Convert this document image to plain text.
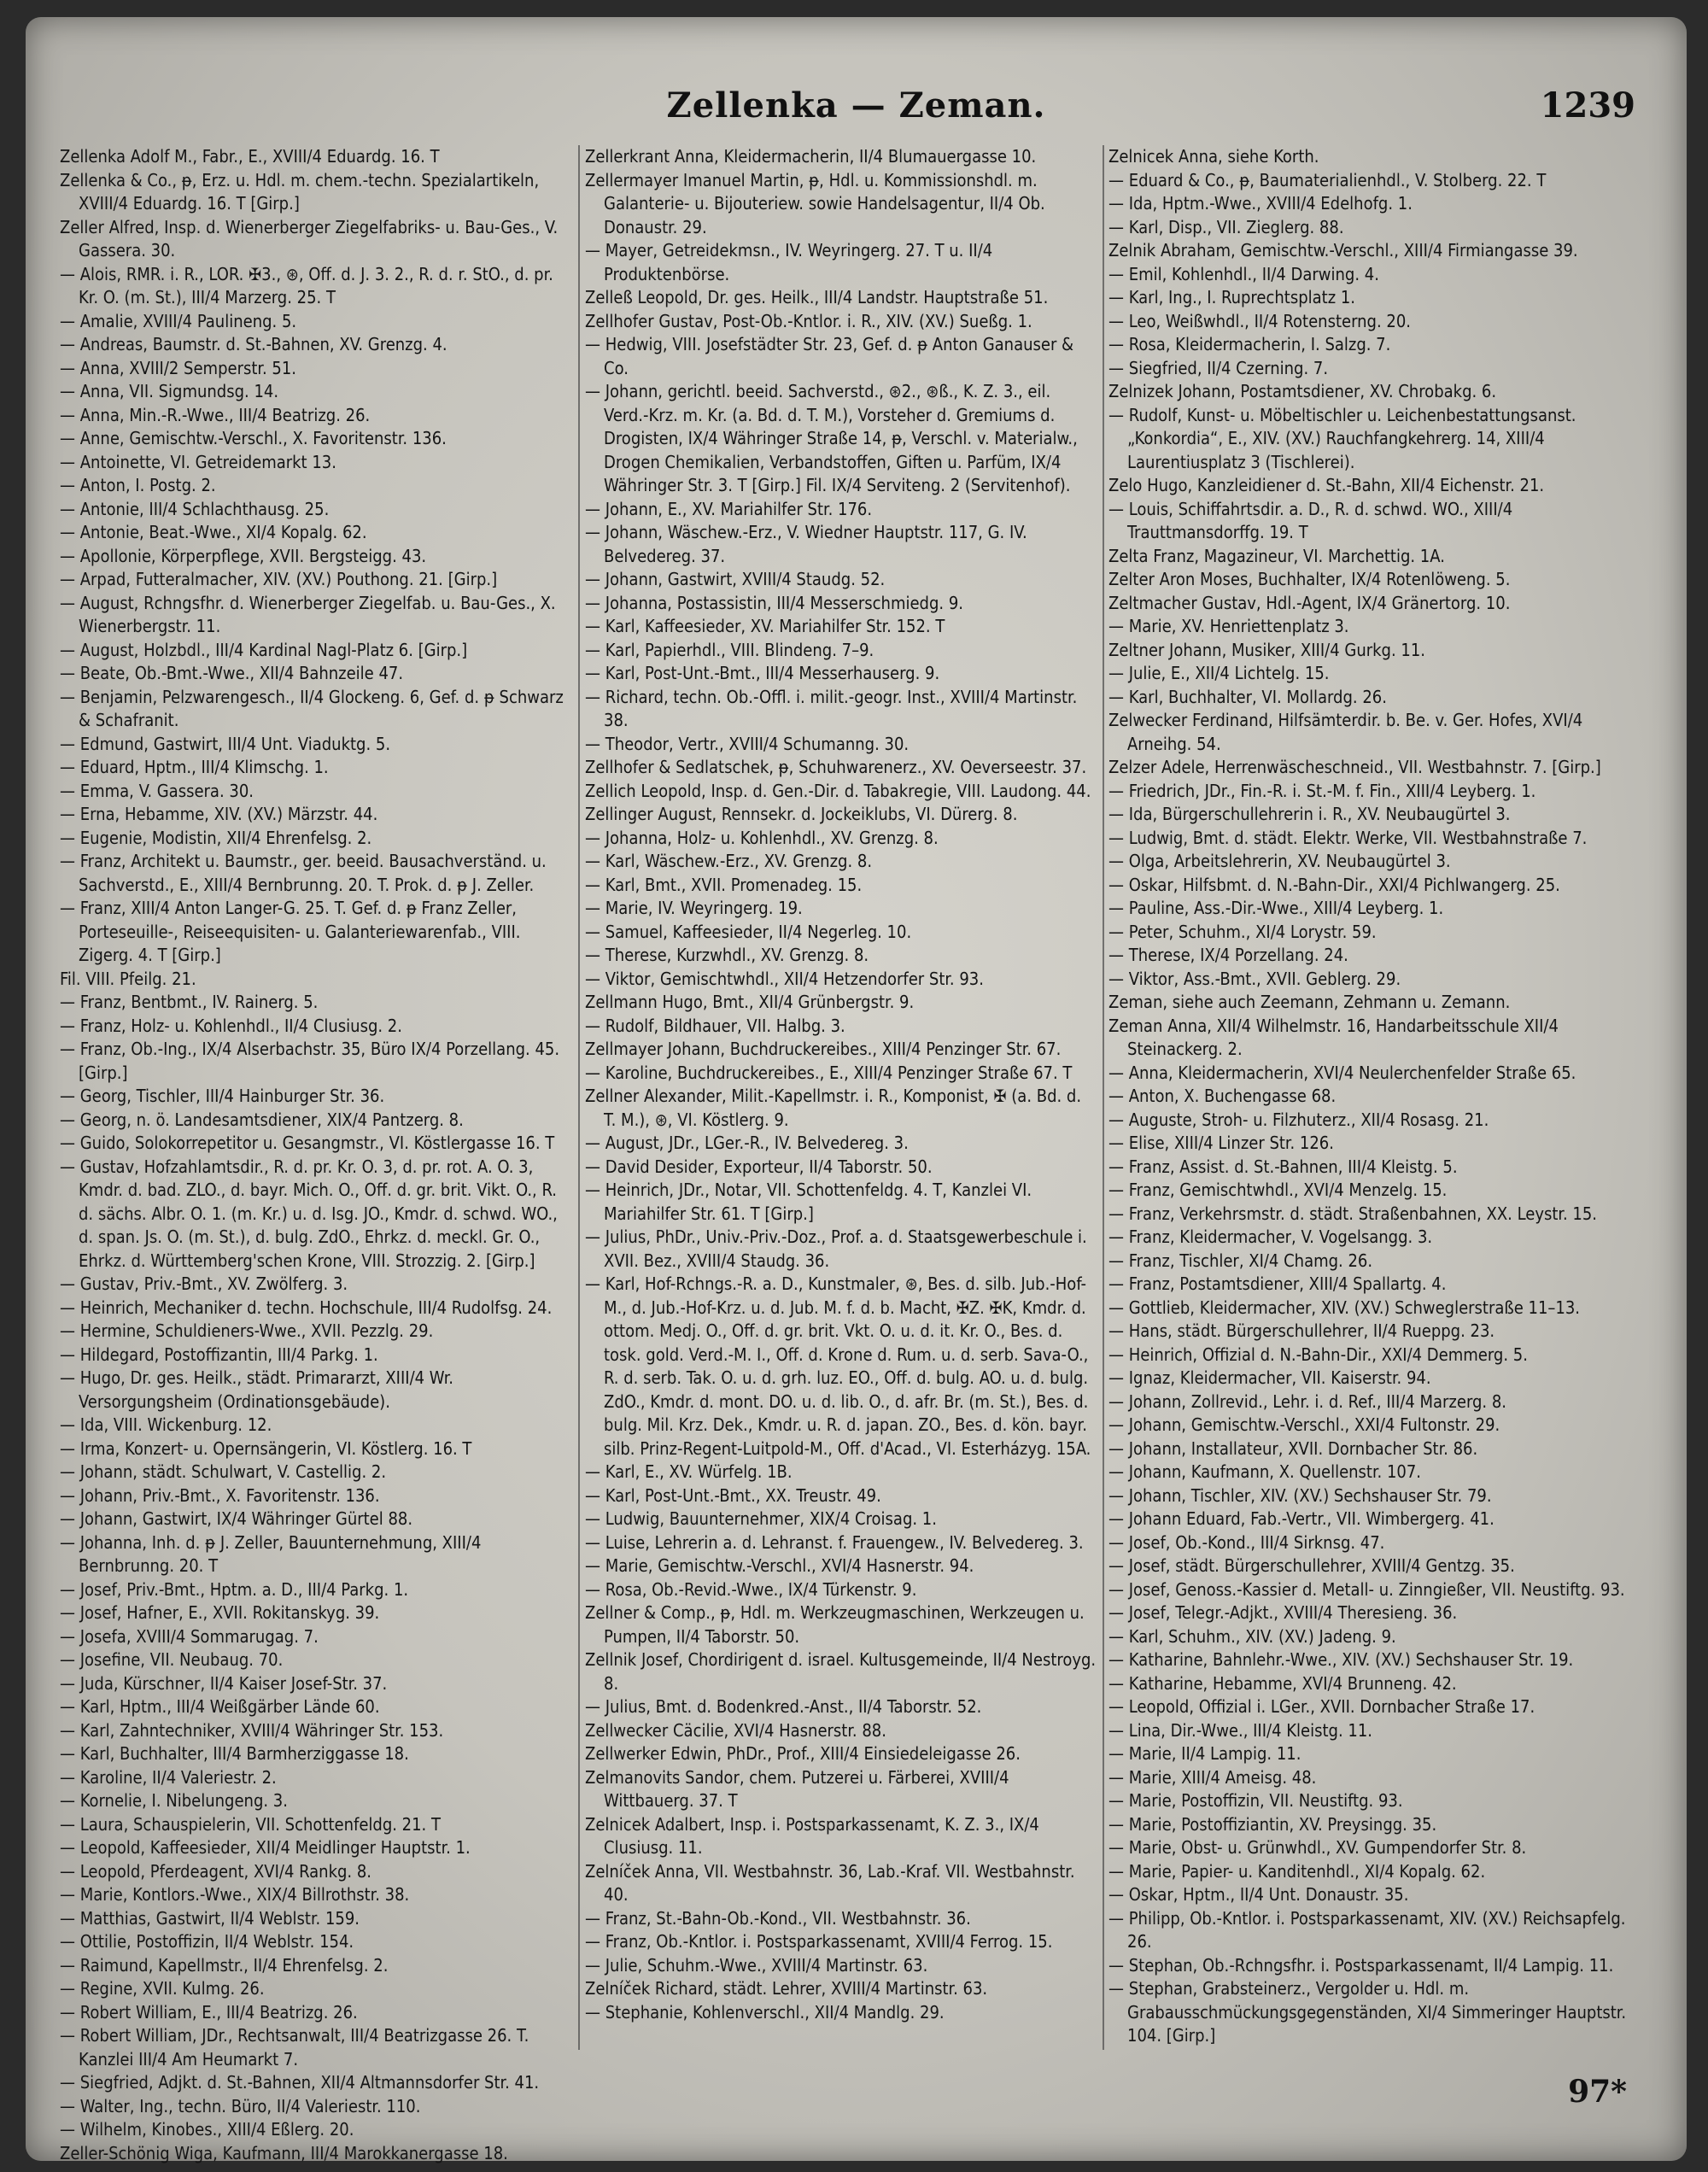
Zellenka — Zeman.	1239
Zellenka Adolf M., Fabr., E., XVIII/4 Eduardg. 16. T
Zellenka & Co., ᵽ, Erz. u. Hdl. m. chem.-techn. Spezialartikeln, XVIII/4 Eduardg. 16. T [Girp.]
Zeller Alfred, Insp. d. Wienerberger Ziegelfabriks- u. Bau-Ges., V. Gassera. 30.
— Alois, RMR. i. R., LOR. ✠3., ⊛, Off. d. J. 3. 2., R. d. r. StO., d. pr. Kr. O. (m. St.), III/4 Marzerg. 25. T
— Amalie, XVIII/4 Paulineng. 5.
— Andreas, Baumstr. d. St.-Bahnen, XV. Grenzg. 4.
— Anna, XVIII/2 Semperstr. 51.
— Anna, VII. Sigmundsg. 14.
— Anna, Min.-R.-Wwe., III/4 Beatrizg. 26.
— Anne, Gemischtw.-Verschl., X. Favoritenstr. 136.
— Antoinette, VI. Getreidemarkt 13.
— Anton, I. Postg. 2.
— Antonie, III/4 Schlachthausg. 25.
— Antonie, Beat.-Wwe., XI/4 Kopalg. 62.
— Apollonie, Körperpflege, XVII. Bergsteigg. 43.
— Arpad, Futteralmacher, XIV. (XV.) Pouthong. 21. [Girp.]
— August, Rchngsfhr. d. Wienerberger Ziegelfab. u. Bau-Ges., X. Wienerbergstr. 11.
— August, Holzbdl., III/4 Kardinal Nagl-Platz 6. [Girp.]
— Beate, Ob.-Bmt.-Wwe., XII/4 Bahnzeile 47.
— Benjamin, Pelzwarengesch., II/4 Glockeng. 6, Gef. d. ᵽ Schwarz & Schafranit.
— Edmund, Gastwirt, III/4 Unt. Viaduktg. 5.
— Eduard, Hptm., III/4 Klimschg. 1.
— Emma, V. Gassera. 30.
— Erna, Hebamme, XIV. (XV.) Märzstr. 44.
— Eugenie, Modistin, XII/4 Ehrenfelsg. 2.
— Franz, Architekt u. Baumstr., ger. beeid. Bausachverständ. u. Sachverstd., E., XIII/4 Bernbrunng. 20. T. Prok. d. ᵽ J. Zeller.
— Franz, XIII/4 Anton Langer-G. 25. T. Gef. d. ᵽ Franz Zeller, Porteseuille-, Reiseequisiten- u. Galanteriewarenfab., VIII. Zigerg. 4. T [Girp.]
Fil. VIII. Pfeilg. 21.
— Franz, Bentbmt., IV. Rainerg. 5.
— Franz, Holz- u. Kohlenhdl., II/4 Clusiusg. 2.
— Franz, Ob.-Ing., IX/4 Alserbachstr. 35, Büro IX/4 Porzellang. 45. [Girp.]
— Georg, Tischler, III/4 Hainburger Str. 36.
— Georg, n. ö. Landesamtsdiener, XIX/4 Pantzerg. 8.
— Guido, Solokorrepetitor u. Gesangmstr., VI. Köstlergasse 16. T
— Gustav, Hofzahlamtsdir., R. d. pr. Kr. O. 3, d. pr. rot. A. O. 3, Kmdr. d. bad. ZLO., d. bayr. Mich. O., Off. d. gr. brit. Vikt. O., R. d. sächs. Albr. O. 1. (m. Kr.) u. d. Isg. JO., Kmdr. d. schwd. WO., d. span. Js. O. (m. St.), d. bulg. ZdO., Ehrkz. d. meckl. Gr. O., Ehrkz. d. Württemberg'schen Krone, VIII. Strozzig. 2. [Girp.]
— Gustav, Priv.-Bmt., XV. Zwölferg. 3.
— Heinrich, Mechaniker d. techn. Hochschule, III/4 Rudolfsg. 24.
— Hermine, Schuldieners-Wwe., XVII. Pezzlg. 29.
— Hildegard, Postoffizantin, III/4 Parkg. 1.
— Hugo, Dr. ges. Heilk., städt. Primararzt, XIII/4 Wr. Versorgungsheim (Ordinationsgebäude).
— Ida, VIII. Wickenburg. 12.
— Irma, Konzert- u. Opernsängerin, VI. Köstlerg. 16. T
— Johann, städt. Schulwart, V. Castellig. 2.
— Johann, Priv.-Bmt., X. Favoritenstr. 136.
— Johann, Gastwirt, IX/4 Währinger Gürtel 88.
— Johanna, Inh. d. ᵽ J. Zeller, Bauunternehmung, XIII/4 Bernbrunng. 20. T
— Josef, Priv.-Bmt., Hptm. a. D., III/4 Parkg. 1.
— Josef, Hafner, E., XVII. Rokitanskyg. 39.
— Josefa, XVIII/4 Sommarugag. 7.
— Josefine, VII. Neubaug. 70.
— Juda, Kürschner, II/4 Kaiser Josef-Str. 37.
— Karl, Hptm., III/4 Weißgärber Lände 60.
— Karl, Zahntechniker, XVIII/4 Währinger Str. 153.
— Karl, Buchhalter, III/4 Barmherziggasse 18.
— Karoline, II/4 Valeriestr. 2.
— Kornelie, I. Nibelungeng. 3.
— Laura, Schauspielerin, VII. Schottenfeldg. 21. T
— Leopold, Kaffeesieder, XII/4 Meidlinger Hauptstr. 1.
— Leopold, Pferdeagent, XVI/4 Rankg. 8.
— Marie, Kontlors.-Wwe., XIX/4 Billrothstr. 38.
— Matthias, Gastwirt, II/4 Weblstr. 159.
— Ottilie, Postoffizin, II/4 Weblstr. 154.
— Raimund, Kapellmstr., II/4 Ehrenfelsg. 2.
— Regine, XVII. Kulmg. 26.
— Robert William, E., III/4 Beatrizg. 26.
— Robert William, JDr., Rechtsanwalt, III/4 Beatrizgasse 26. T. Kanzlei III/4 Am Heumarkt 7.
— Siegfried, Adjkt. d. St.-Bahnen, XII/4 Altmannsdorfer Str. 41.
— Walter, Ing., techn. Büro, II/4 Valeriestr. 110.
— Wilhelm, Kinobes., XIII/4 Eßlerg. 20.
Zeller-Schönig Wiga, Kaufmann, III/4 Marokkanergasse 18.
Zellerkrant Anna, Kleidermacherin, II/4 Blumauergasse 10.
Zellermayer Imanuel Martin, ᵽ, Hdl. u. Kommissionshdl. m. Galanterie- u. Bijouteriew. sowie Handelsagentur, II/4 Ob. Donaustr. 29.
— Mayer, Getreidekmsn., IV. Weyringerg. 27. T u. II/4 Produktenbörse.
Zelleß Leopold, Dr. ges. Heilk., III/4 Landstr. Hauptstraße 51.
Zellhofer Gustav, Post-Ob.-Kntlor. i. R., XIV. (XV.) Sueßg. 1.
— Hedwig, VIII. Josefstädter Str. 23, Gef. d. ᵽ Anton Ganauser & Co.
— Johann, gerichtl. beeid. Sachverstd., ⊛2., ⊛ß., K. Z. 3., eil. Verd.-Krz. m. Kr. (a. Bd. d. T. M.), Vorsteher d. Gremiums d. Drogisten, IX/4 Währinger Straße 14, ᵽ, Verschl. v. Materialw., Drogen Chemikalien, Verbandstoffen, Giften u. Parfüm, IX/4 Währinger Str. 3. T [Girp.] Fil. IX/4 Serviteng. 2 (Servitenhof).
— Johann, E., XV. Mariahilfer Str. 176.
— Johann, Wäschew.-Erz., V. Wiedner Hauptstr. 117, G. IV. Belvedereg. 37.
— Johann, Gastwirt, XVIII/4 Staudg. 52.
— Johanna, Postassistin, III/4 Messerschmiedg. 9.
— Karl, Kaffeesieder, XV. Mariahilfer Str. 152. T
— Karl, Papierhdl., VIII. Blindeng. 7–9.
— Karl, Post-Unt.-Bmt., III/4 Messerhauserg. 9.
— Richard, techn. Ob.-Offl. i. milit.-geogr. Inst., XVIII/4 Martinstr. 38.
— Theodor, Vertr., XVIII/4 Schumanng. 30.
Zellhofer & Sedlatschek, ᵽ, Schuhwarenerz., XV. Oeverseestr. 37.
Zellich Leopold, Insp. d. Gen.-Dir. d. Tabakregie, VIII. Laudong. 44.
Zellinger August, Rennsekr. d. Jockeiklubs, VI. Dürerg. 8.
— Johanna, Holz- u. Kohlenhdl., XV. Grenzg. 8.
— Karl, Wäschew.-Erz., XV. Grenzg. 8.
— Karl, Bmt., XVII. Promenadeg. 15.
— Marie, IV. Weyringerg. 19.
— Samuel, Kaffeesieder, II/4 Negerleg. 10.
— Therese, Kurzwhdl., XV. Grenzg. 8.
— Viktor, Gemischtwhdl., XII/4 Hetzendorfer Str. 93.
Zellmann Hugo, Bmt., XII/4 Grünbergstr. 9.
— Rudolf, Bildhauer, VII. Halbg. 3.
Zellmayer Johann, Buchdruckereibes., XIII/4 Penzinger Str. 67.
— Karoline, Buchdruckereibes., E., XIII/4 Penzinger Straße 67. T
Zellner Alexander, Milit.-Kapellmstr. i. R., Komponist, ✠ (a. Bd. d. T. M.), ⊛, VI. Köstlerg. 9.
— August, JDr., LGer.-R., IV. Belvedereg. 3.
— David Desider, Exporteur, II/4 Taborstr. 50.
— Heinrich, JDr., Notar, VII. Schottenfeldg. 4. T, Kanzlei VI. Mariahilfer Str. 61. T [Girp.]
— Julius, PhDr., Univ.-Priv.-Doz., Prof. a. d. Staatsgewerbeschule i. XVII. Bez., XVIII/4 Staudg. 36.
— Karl, Hof-Rchngs.-R. a. D., Kunstmaler, ⊛, Bes. d. silb. Jub.-Hof-M., d. Jub.-Hof-Krz. u. d. Jub. M. f. d. b. Macht, ✠Z. ✠K, Kmdr. d. ottom. Medj. O., Off. d. gr. brit. Vkt. O. u. d. it. Kr. O., Bes. d. tosk. gold. Verd.-M. I., Off. d. Krone d. Rum. u. d. serb. Sava-O., R. d. serb. Tak. O. u. d. grh. luz. EO., Off. d. bulg. AO. u. d. bulg. ZdO., Kmdr. d. mont. DO. u. d. lib. O., d. afr. Br. (m. St.), Bes. d. bulg. Mil. Krz. Dek., Kmdr. u. R. d. japan. ZO., Bes. d. kön. bayr. silb. Prinz-Regent-Luitpold-M., Off. d'Acad., VI. Esterházyg. 15A.
— Karl, E., XV. Würfelg. 1B.
— Karl, Post-Unt.-Bmt., XX. Treustr. 49.
— Ludwig, Bauunternehmer, XIX/4 Croisag. 1.
— Luise, Lehrerin a. d. Lehranst. f. Frauengew., IV. Belvedereg. 3.
— Marie, Gemischtw.-Verschl., XVI/4 Hasnerstr. 94.
— Rosa, Ob.-Revid.-Wwe., IX/4 Türkenstr. 9.
Zellner & Comp., ᵽ, Hdl. m. Werkzeugmaschinen, Werkzeugen u. Pumpen, II/4 Taborstr. 50.
Zellnik Josef, Chordirigent d. israel. Kultusgemeinde, II/4 Nestroyg. 8.
— Julius, Bmt. d. Bodenkred.-Anst., II/4 Taborstr. 52.
Zellwecker Cäcilie, XVI/4 Hasnerstr. 88.
Zellwerker Edwin, PhDr., Prof., XIII/4 Einsiedeleigasse 26.
Zelmanovits Sandor, chem. Putzerei u. Färberei, XVIII/4 Wittbauerg. 37. T
Zelnicek Adalbert, Insp. i. Postsparkassenamt, K. Z. 3., IX/4 Clusiusg. 11.
Zelníček Anna, VII. Westbahnstr. 36, Lab.-Kraf. VII. Westbahnstr. 40.
— Franz, St.-Bahn-Ob.-Kond., VII. Westbahnstr. 36.
— Franz, Ob.-Kntlor. i. Postsparkassenamt, XVIII/4 Ferrog. 15.
— Julie, Schuhm.-Wwe., XVIII/4 Martinstr. 63.
Zelníček Richard, städt. Lehrer, XVIII/4 Martinstr. 63.
— Stephanie, Kohlenverschl., XII/4 Mandlg. 29.
Zelnicek Anna, siehe Korth.
— Eduard & Co., ᵽ, Baumaterialienhdl., V. Stolberg. 22. T
— Ida, Hptm.-Wwe., XVIII/4 Edelhofg. 1.
— Karl, Disp., VII. Zieglerg. 88.
Zelnik Abraham, Gemischtw.-Verschl., XIII/4 Firmiangasse 39.
— Emil, Kohlenhdl., II/4 Darwing. 4.
— Karl, Ing., I. Ruprechtsplatz 1.
— Leo, Weißwhdl., II/4 Rotensterng. 20.
— Rosa, Kleidermacherin, I. Salzg. 7.
— Siegfried, II/4 Czerning. 7.
Zelnizek Johann, Postamtsdiener, XV. Chrobakg. 6.
— Rudolf, Kunst- u. Möbeltischler u. Leichenbestattungsanst. „Konkordia“, E., XIV. (XV.) Rauchfangkehrerg. 14, XIII/4 Laurentiusplatz 3 (Tischlerei).
Zelo Hugo, Kanzleidiener d. St.-Bahn, XII/4 Eichenstr. 21.
— Louis, Schiffahrtsdir. a. D., R. d. schwd. WO., XIII/4 Trauttmansdorffg. 19. T
Zelta Franz, Magazineur, VI. Marchettig. 1A.
Zelter Aron Moses, Buchhalter, IX/4 Rotenlöweng. 5.
Zeltmacher Gustav, Hdl.-Agent, IX/4 Gränertorg. 10.
— Marie, XV. Henriettenplatz 3.
Zeltner Johann, Musiker, XIII/4 Gurkg. 11.
— Julie, E., XII/4 Lichtelg. 15.
— Karl, Buchhalter, VI. Mollardg. 26.
Zelwecker Ferdinand, Hilfsämterdir. b. Be. v. Ger. Hofes, XVI/4 Arneihg. 54.
Zelzer Adele, Herrenwäscheschneid., VII. Westbahnstr. 7. [Girp.]
— Friedrich, JDr., Fin.-R. i. St.-M. f. Fin., XIII/4 Leyberg. 1.
— Ida, Bürgerschullehrerin i. R., XV. Neubaugürtel 3.
— Ludwig, Bmt. d. städt. Elektr. Werke, VII. Westbahnstraße 7.
— Olga, Arbeitslehrerin, XV. Neubaugürtel 3.
— Oskar, Hilfsbmt. d. N.-Bahn-Dir., XXI/4 Pichlwangerg. 25.
— Pauline, Ass.-Dir.-Wwe., XIII/4 Leyberg. 1.
— Peter, Schuhm., XI/4 Lorystr. 59.
— Therese, IX/4 Porzellang. 24.
— Viktor, Ass.-Bmt., XVII. Geblerg. 29.
Zeman, siehe auch Zeemann, Zehmann u. Zemann.
Zeman Anna, XII/4 Wilhelmstr. 16, Handarbeitsschule XII/4 Steinackerg. 2.
— Anna, Kleidermacherin, XVI/4 Neulerchenfelder Straße 65.
— Anton, X. Buchengasse 68.
— Auguste, Stroh- u. Filzhuterz., XII/4 Rosasg. 21.
— Elise, XIII/4 Linzer Str. 126.
— Franz, Assist. d. St.-Bahnen, III/4 Kleistg. 5.
— Franz, Gemischtwhdl., XVI/4 Menzelg. 15.
— Franz, Verkehrsmstr. d. städt. Straßenbahnen, XX. Leystr. 15.
— Franz, Kleidermacher, V. Vogelsangg. 3.
— Franz, Tischler, XI/4 Chamg. 26.
— Franz, Postamtsdiener, XIII/4 Spallartg. 4.
— Gottlieb, Kleidermacher, XIV. (XV.) Schweglerstraße 11–13.
— Hans, städt. Bürgerschullehrer, II/4 Rueppg. 23.
— Heinrich, Offizial d. N.-Bahn-Dir., XXI/4 Demmerg. 5.
— Ignaz, Kleidermacher, VII. Kaiserstr. 94.
— Johann, Zollrevid., Lehr. i. d. Ref., III/4 Marzerg. 8.
— Johann, Gemischtw.-Verschl., XXI/4 Fultonstr. 29.
— Johann, Installateur, XVII. Dornbacher Str. 86.
— Johann, Kaufmann, X. Quellenstr. 107.
— Johann, Tischler, XIV. (XV.) Sechshauser Str. 79.
— Johann Eduard, Fab.-Vertr., VII. Wimbergerg. 41.
— Josef, Ob.-Kond., III/4 Sirknsg. 47.
— Josef, städt. Bürgerschullehrer, XVIII/4 Gentzg. 35.
— Josef, Genoss.-Kassier d. Metall- u. Zinngießer, VII. Neustiftg. 93.
— Josef, Telegr.-Adjkt., XVIII/4 Theresieng. 36.
— Karl, Schuhm., XIV. (XV.) Jadeng. 9.
— Katharine, Bahnlehr.-Wwe., XIV. (XV.) Sechshauser Str. 19.
— Katharine, Hebamme, XVI/4 Brunneng. 42.
— Leopold, Offizial i. LGer., XVII. Dornbacher Straße 17.
— Lina, Dir.-Wwe., III/4 Kleistg. 11.
— Marie, II/4 Lampig. 11.
— Marie, XIII/4 Ameisg. 48.
— Marie, Postoffizin, VII. Neustiftg. 93.
— Marie, Postoffiziantin, XV. Preysingg. 35.
— Marie, Obst- u. Grünwhdl., XV. Gumpendorfer Str. 8.
— Marie, Papier- u. Kanditenhdl., XI/4 Kopalg. 62.
— Oskar, Hptm., II/4 Unt. Donaustr. 35.
— Philipp, Ob.-Kntlor. i. Postsparkassenamt, XIV. (XV.) Reichsapfelg. 26.
— Stephan, Ob.-Rchngsfhr. i. Postsparkassenamt, II/4 Lampig. 11.
— Stephan, Grabsteinerz., Vergolder u. Hdl. m. Grabausschmückungsgegenständen, XI/4 Simmeringer Hauptstr. 104. [Girp.]
97*
